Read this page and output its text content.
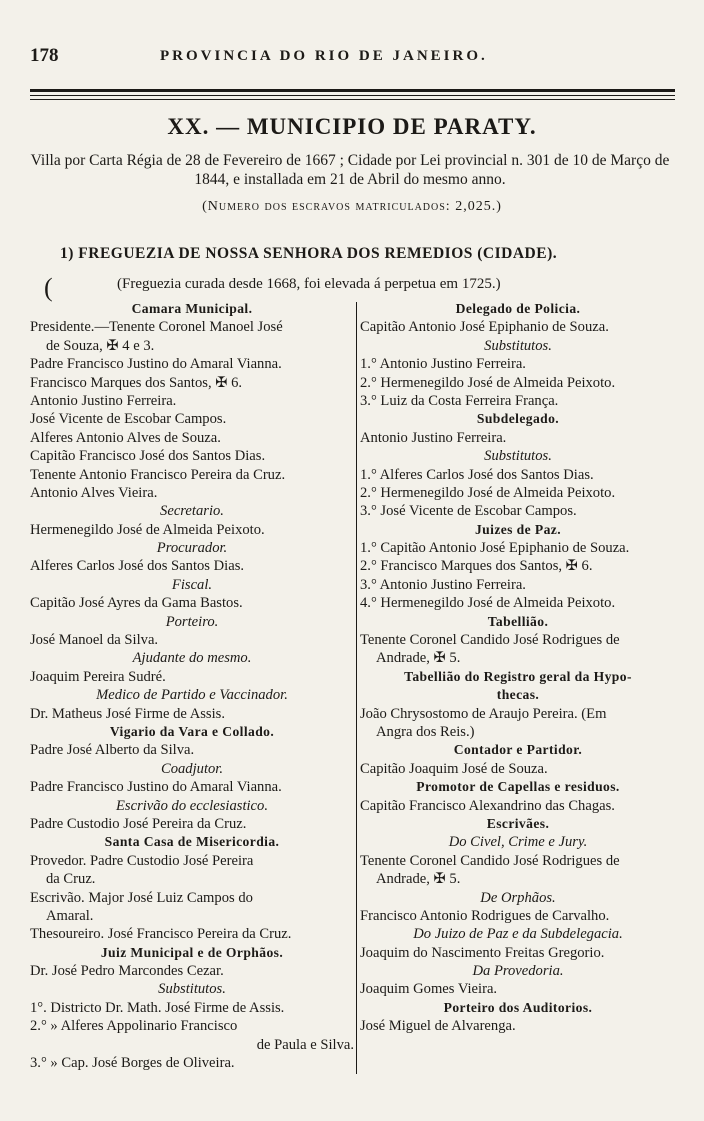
178	PROVINCIA DO RIO DE JANEIRO.
XX. — MUNICIPIO DE PARATY.
Villa por Carta Régia de 28 de Fevereiro de 1667 ; Cidade por Lei provincial n. 301 de 10 de Março de 1844, e installada em 21 de Abril do mesmo anno.
(Numero dos escravos matriculados: 2,025.)
1) FREGUEZIA DE NOSSA SENHORA DOS REMEDIOS (CIDADE).
(	(Freguezia curada desde 1668, foi elevada á perpetua em 1725.)
Camara Municipal.
Presidente.—Tenente Coronel Manoel José
de Souza, ✠ 4 e 3.
Padre Francisco Justino do Amaral Vianna.
Francisco Marques dos Santos, ✠ 6.
Antonio Justino Ferreira.
José Vicente de Escobar Campos.
Alferes Antonio Alves de Souza.
Capitão Francisco José dos Santos Dias.
Tenente Antonio Francisco Pereira da Cruz.
Antonio Alves Vieira.
Secretario.
Hermenegildo José de Almeida Peixoto.
Procurador.
Alferes Carlos José dos Santos Dias.
Fiscal.
Capitão José Ayres da Gama Bastos.
Porteiro.
José Manoel da Silva.
Ajudante do mesmo.
Joaquim Pereira Sudré.
Medico de Partido e Vaccinador.
Dr. Matheus José Firme de Assis.
Vigario da Vara e Collado.
Padre José Alberto da Silva.
Coadjutor.
Padre Francisco Justino do Amaral Vianna.
Escrivão do ecclesiastico.
Padre Custodio José Pereira da Cruz.
Santa Casa de Misericordia.
Provedor. Padre Custodio José Pereira
da Cruz.
Escrivão. Major José Luiz Campos do
Amaral.
Thesoureiro. José Francisco Pereira da Cruz.
Juiz Municipal e de Orphãos.
Dr. José Pedro Marcondes Cezar.
Substitutos.
1°. Districto Dr. Math. José Firme de Assis.
2.° » Alferes Appolinario Francisco
de Paula e Silva.
3.° » Cap. José Borges de Oliveira.
Delegado de Policia.
Capitão Antonio José Epiphanio de Souza.
Substitutos.
1.° Antonio Justino Ferreira.
2.° Hermenegildo José de Almeida Peixoto.
3.° Luiz da Costa Ferreira França.
Subdelegado.
Antonio Justino Ferreira.
Substitutos.
1.° Alferes Carlos José dos Santos Dias.
2.° Hermenegildo José de Almeida Peixoto.
3.° José Vicente de Escobar Campos.
Juizes de Paz.
1.° Capitão Antonio José Epiphanio de Souza.
2.° Francisco Marques dos Santos, ✠ 6.
3.° Antonio Justino Ferreira.
4.° Hermenegildo José de Almeida Peixoto.
Tabellião.
Tenente Coronel Candido José Rodrigues de
Andrade, ✠ 5.
Tabellião do Registro geral da Hypo-
thecas.
João Chrysostomo de Araujo Pereira. (Em
Angra dos Reis.)
Contador e Partidor.
Capitão Joaquim José de Souza.
Promotor de Capellas e residuos.
Capitão Francisco Alexandrino das Chagas.
Escrivães.
Do Civel, Crime e Jury.
Tenente Coronel Candido José Rodrigues de
Andrade, ✠ 5.
De Orphãos.
Francisco Antonio Rodrigues de Carvalho.
Do Juizo de Paz e da Subdelegacia.
Joaquim do Nascimento Freitas Gregorio.
Da Provedoria.
Joaquim Gomes Vieira.
Porteiro dos Auditorios.
José Miguel de Alvarenga.
